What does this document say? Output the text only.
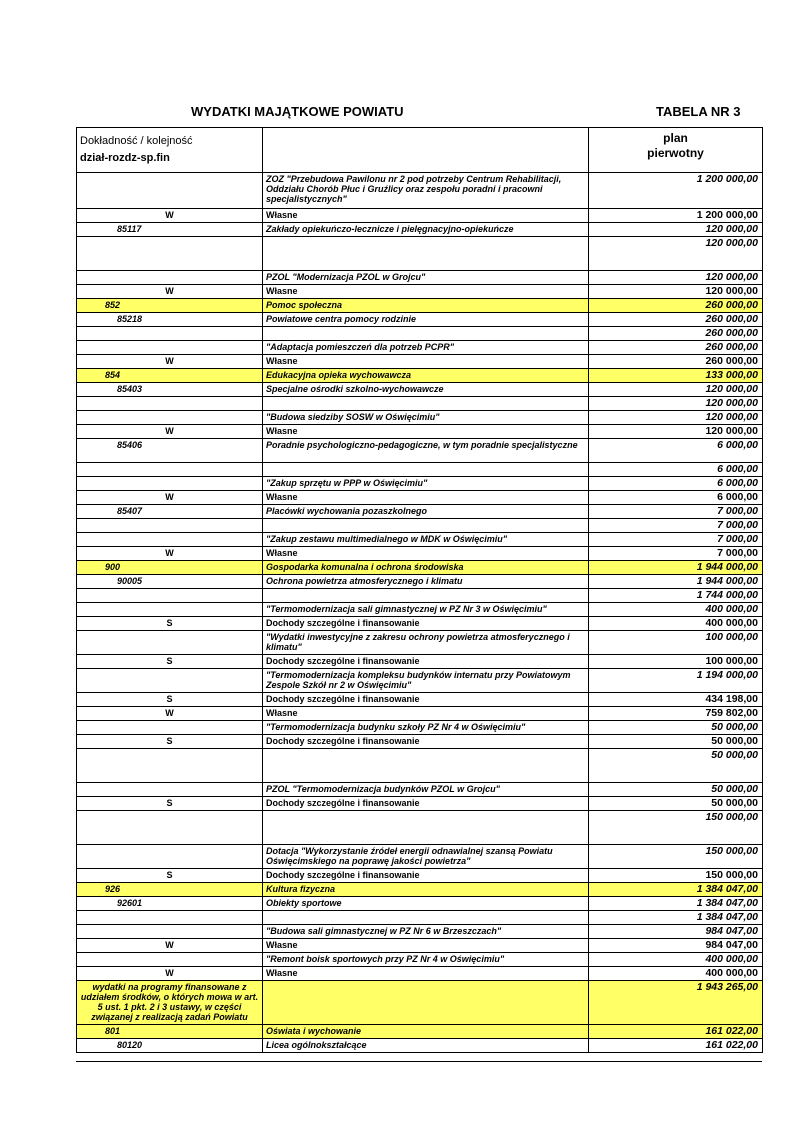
WYDATKI MAJĄTKOWE POWIATU	TABELA NR 3
Dokładność / kolejność
dział-rozdz-sp.fin		plan
pierwotny
	ZOZ "Przebudowa Pawilonu nr 2 pod potrzeby Centrum Rehabilitacji, Oddziału Chorób Płuc i Gruźlicy oraz zespołu poradni i pracowni specjalistycznych"	1 200 000,00
W	Własne	1 200 000,00
85117	Zakłady opiekuńczo-lecznicze i pielęgnacyjno-opiekuńcze	120 000,00
		120 000,00
	PZOL "Modernizacja PZOL w Grojcu"	120 000,00
W	Własne	120 000,00
852	Pomoc społeczna	260 000,00
85218	Powiatowe centra pomocy rodzinie	260 000,00
		260 000,00
	"Adaptacja pomieszczeń dla potrzeb PCPR"	260 000,00
W	Własne	260 000,00
854	Edukacyjna opieka wychowawcza	133 000,00
85403	Specjalne ośrodki szkolno-wychowawcze	120 000,00
		120 000,00
	"Budowa siedziby SOSW w Oświęcimiu"	120 000,00
W	Własne	120 000,00
85406	Poradnie psychologiczno-pedagogiczne, w tym poradnie specjalistyczne	6 000,00
		6 000,00
	"Zakup sprzętu w PPP w Oświęcimiu"	6 000,00
W	Własne	6 000,00
85407	Placówki wychowania pozaszkolnego	7 000,00
		7 000,00
	"Zakup zestawu multimedialnego w MDK w Oświęcimiu"	7 000,00
W	Własne	7 000,00
900	Gospodarka komunalna i ochrona środowiska	1 944 000,00
90005	Ochrona powietrza atmosferycznego i klimatu	1 944 000,00
		1 744 000,00
	"Termomodernizacja sali gimnastycznej w PZ Nr 3 w Oświęcimiu"	400 000,00
S	Dochody szczególne i finansowanie	400 000,00
	"Wydatki inwestycyjne z zakresu ochrony powietrza atmosferycznego i klimatu"	100 000,00
S	Dochody szczególne i finansowanie	100 000,00
	"Termomodernizacja kompleksu budynków internatu przy Powiatowym Zespole Szkół nr 2 w Oświęcimiu"	1 194 000,00
S	Dochody szczególne i finansowanie	434 198,00
W	Własne	759 802,00
	"Termomodernizacja budynku szkoły PZ Nr 4 w Oświęcimiu"	50 000,00
S	Dochody szczególne i finansowanie	50 000,00
		50 000,00
	PZOL "Termomodernizacja budynków PZOL w Grojcu"	50 000,00
S	Dochody szczególne i finansowanie	50 000,00
		150 000,00
	Dotacja "Wykorzystanie źródeł energii odnawialnej szansą Powiatu Oświęcimskiego na poprawę jakości powietrza"	150 000,00
S	Dochody szczególne i finansowanie	150 000,00
926	Kultura fizyczna	1 384 047,00
92601	Obiekty sportowe	1 384 047,00
		1 384 047,00
	"Budowa sali gimnastycznej w PZ Nr 6 w Brzeszczach"	984 047,00
W	Własne	984 047,00
	"Remont boisk sportowych przy PZ Nr 4 w Oświęcimiu"	400 000,00
W	Własne	400 000,00
wydatki na programy finansowane z udziałem środków, o których mowa w art. 5 ust. 1 pkt. 2 i 3 ustawy, w części związanej z realizacją zadań Powiatu		1 943 265,00
801	Oświata i wychowanie	161 022,00
80120	Licea ogólnokształcące	161 022,00
